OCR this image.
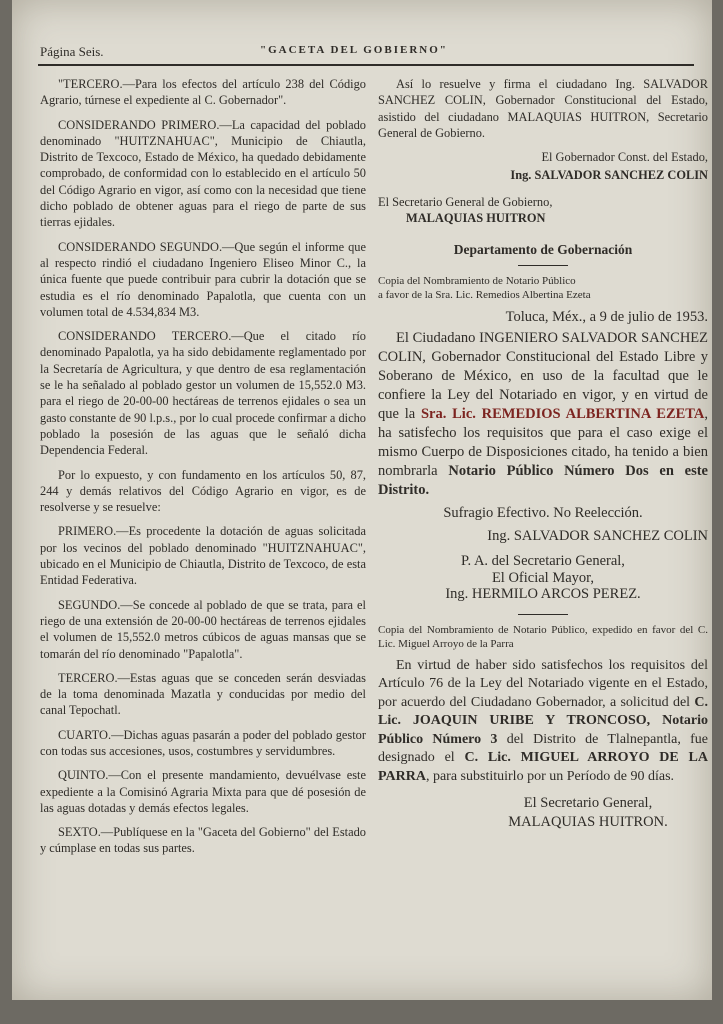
Página Seis.	"GACETA DEL GOBIERNO"

"TERCERO.—Para los efectos del artículo 238 del Código Agrario, túrnese el expediente al C. Gobernador".

CONSIDERANDO PRIMERO.—La capacidad del poblado denominado "HUITZNAHUAC", Municipio de Chiautla, Distrito de Texcoco, Estado de México, ha quedado debidamente comprobado, de conformidad con lo establecido en el artículo 50 del Código Agrario en vigor, así como con la necesidad que tiene dicho poblado de obtener aguas para el riego de parte de sus tierras ejidales.

CONSIDERANDO SEGUNDO.—Que según el informe que al respecto rindió el ciudadano Ingeniero Eliseo Minor C., la única fuente que puede contribuir para cubrir la dotación que se estudia es el río denominado Papalotla, que cuenta con un volumen total de 4.534,834 M3.

CONSIDERANDO TERCERO.—Que el citado río denominado Papalotla, ya ha sido debidamente reglamentado por la Secretaría de Agricultura, y que dentro de esa reglamentación se le ha señalado al poblado gestor un volumen de 15,552.0 M3. para el riego de 20-00-00 hectáreas de terrenos ejidales o sea un gasto constante de 90 l.p.s., por lo cual procede confirmar a dicho poblado la posesión de las aguas que le señaló dicha Dependencia Federal.

Por lo expuesto, y con fundamento en los artículos 50, 87, 244 y demás relativos del Código Agrario en vigor, es de resolverse y se resuelve:

PRIMERO.—Es procedente la dotación de aguas solicitada por los vecinos del poblado denominado "HUITZNAHUAC", ubicado en el Municipio de Chiautla, Distrito de Texcoco, de esta Entidad Federativa.

SEGUNDO.—Se concede al poblado de que se trata, para el riego de una extensión de 20-00-00 hectáreas de terrenos ejidales el volumen de 15,552.0 metros cúbicos de aguas mansas que se tomarán del río denominado "Papalotla".

TERCERO.—Estas aguas que se conceden serán desviadas de la toma denominada Mazatla y conducidas por medio del canal Tepochatl.

CUARTO.—Dichas aguas pasarán a poder del poblado gestor con todas sus accesiones, usos, costumbres y servidumbres.

QUINTO.—Con el presente mandamiento, devuélvase este expediente a la Comisinó Agraria Mixta para que dé posesión de las aguas dotadas y demás efectos legales.

SEXTO.—Publíquese en la "Gaceta del Gobierno" del Estado y cúmplase en todas sus partes.

Así lo resuelve y firma el ciudadano Ing. SALVADOR SANCHEZ COLIN, Gobernador Constitucional del Estado, asistido del ciudadano MALAQUIAS HUITRON, Secretario General de Gobierno.

El Gobernador Const. del Estado,
Ing. SALVADOR SANCHEZ COLIN
El Secretario General de Gobierno,
MALAQUIAS HUITRON
Departamento de Gobernación
Copia del Nombramiento de Notario Público
a favor de la Sra. Lic. Remedios Albertina Ezeta
Toluca, Méx., a 9 de julio de 1953.

El Ciudadano INGENIERO SALVADOR SANCHEZ COLIN, Gobernador Constitucional del Estado Libre y Soberano de México, en uso de la facultad que le confiere la Ley del Notariado en vigor, y en virtud de que la Sra. Lic. REMEDIOS ALBERTINA EZETA, ha satisfecho los requisitos que para el caso exige el mismo Cuerpo de Disposiciones citado, ha tenido a bien nombrarla Notario Público Número Dos en este Distrito.

Sufragio Efectivo. No Reelección.
Ing. SALVADOR SANCHEZ COLIN
P. A. del Secretario General,
El Oficial Mayor,
Ing. HERMILO ARCOS PEREZ.
Copia del Nombramiento de Notario Público, expedido en favor del C. Lic. Miguel Arroyo de la Parra

En virtud de haber sido satisfechos los requisitos del Artículo 76 de la Ley del Notariado vigente en el Estado, por acuerdo del Ciudadano Gobernador, a solicitud del C. Lic. JOAQUIN URIBE Y TRONCOSO, Notario Público Número 3 del Distrito de Tlalnepantla, fue designado el C. Lic. MIGUEL ARROYO DE LA PARRA, para substituirlo por un Período de 90 días.

El Secretario General,
MALAQUIAS HUITRON.
